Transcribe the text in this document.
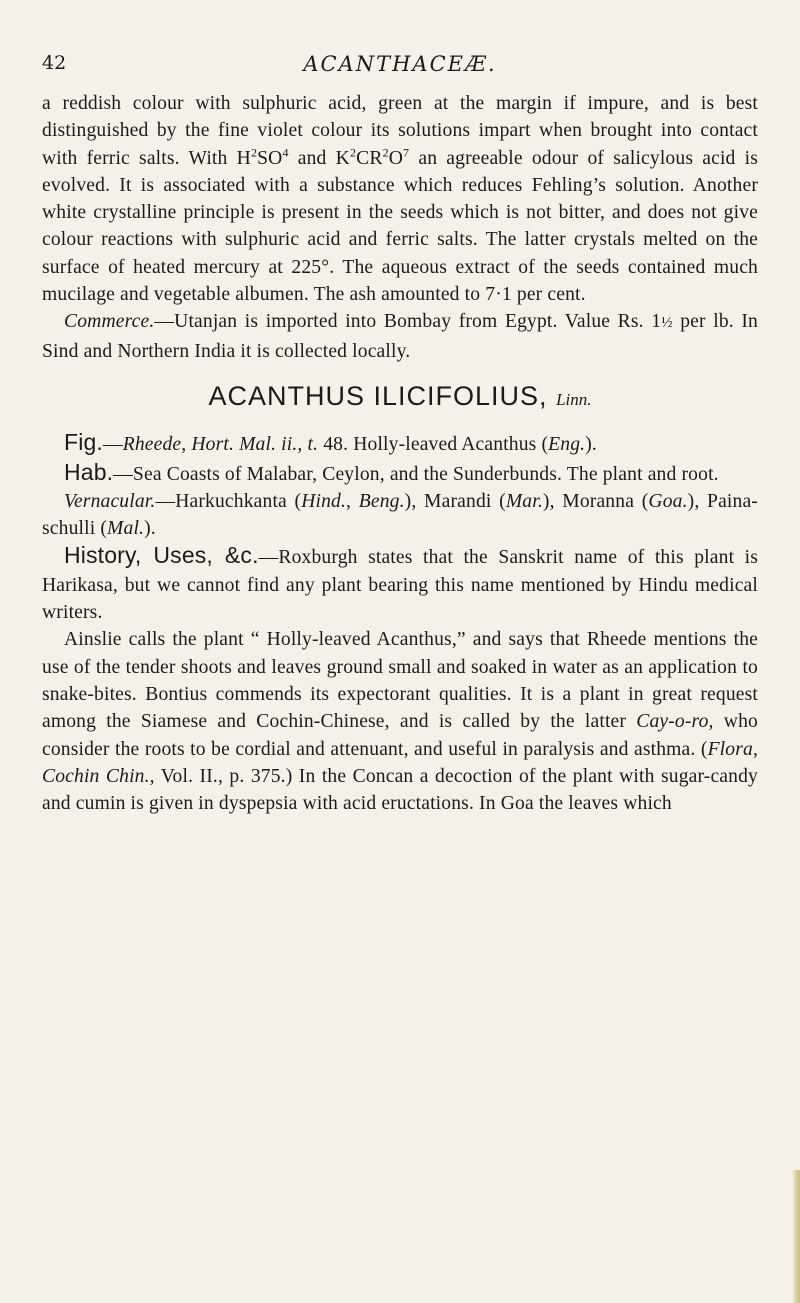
42	ACANTHACEÆ.

a reddish colour with sulphuric acid, green at the margin if impure, and is best distinguished by the fine violet colour its solutions impart when brought into contact with ferric salts. With $H^2SO^4$ and $K^2CR^2O^7$ an agreeable odour of salicylous acid is evolved. It is associated with a substance which reduces Fehling’s solution. Another white crystalline principle is present in the seeds which is not bitter, and does not give colour reactions with sulphuric acid and ferric salts. The latter crystals melted on the surface of heated mercury at 225°. The aqueous extract of the seeds contained much mucilage and vegetable albumen. The ash amounted to 7·1 per cent.

Commerce.—Utanjan is imported into Bombay from Egypt. Value Rs. 1½ per lb. In Sind and Northern India it is collected locally.

ACANTHUS ILICIFOLIUS, Linn.

Fig.—Rheede, Hort. Mal. ii., t. 48. Holly-leaved Acanthus (Eng.).

Hab.—Sea Coasts of Malabar, Ceylon, and the Sunderbunds. The plant and root.

Vernacular.—Harkuchkanta (Hind., Beng.), Marandi (Mar.), Moranna (Goa.), Paina-schulli (Mal.).

History, Uses, &c.—Roxburgh states that the Sanskrit name of this plant is Harikasa, but we cannot find any plant bearing this name mentioned by Hindu medical writers.

Ainslie calls the plant “ Holly-leaved Acanthus,” and says that Rheede mentions the use of the tender shoots and leaves ground small and soaked in water as an application to snake-bites. Bontius commends its expectorant qualities. It is a plant in great request among the Siamese and Cochin-Chinese, and is called by the latter Cay-o-ro, who consider the roots to be cordial and attenuant, and useful in paralysis and asthma. (Flora, Cochin Chin., Vol. II., p. 375.) In the Concan a decoction of the plant with sugar-candy and cumin is given in dyspepsia with acid eructations. In Goa the leaves which
